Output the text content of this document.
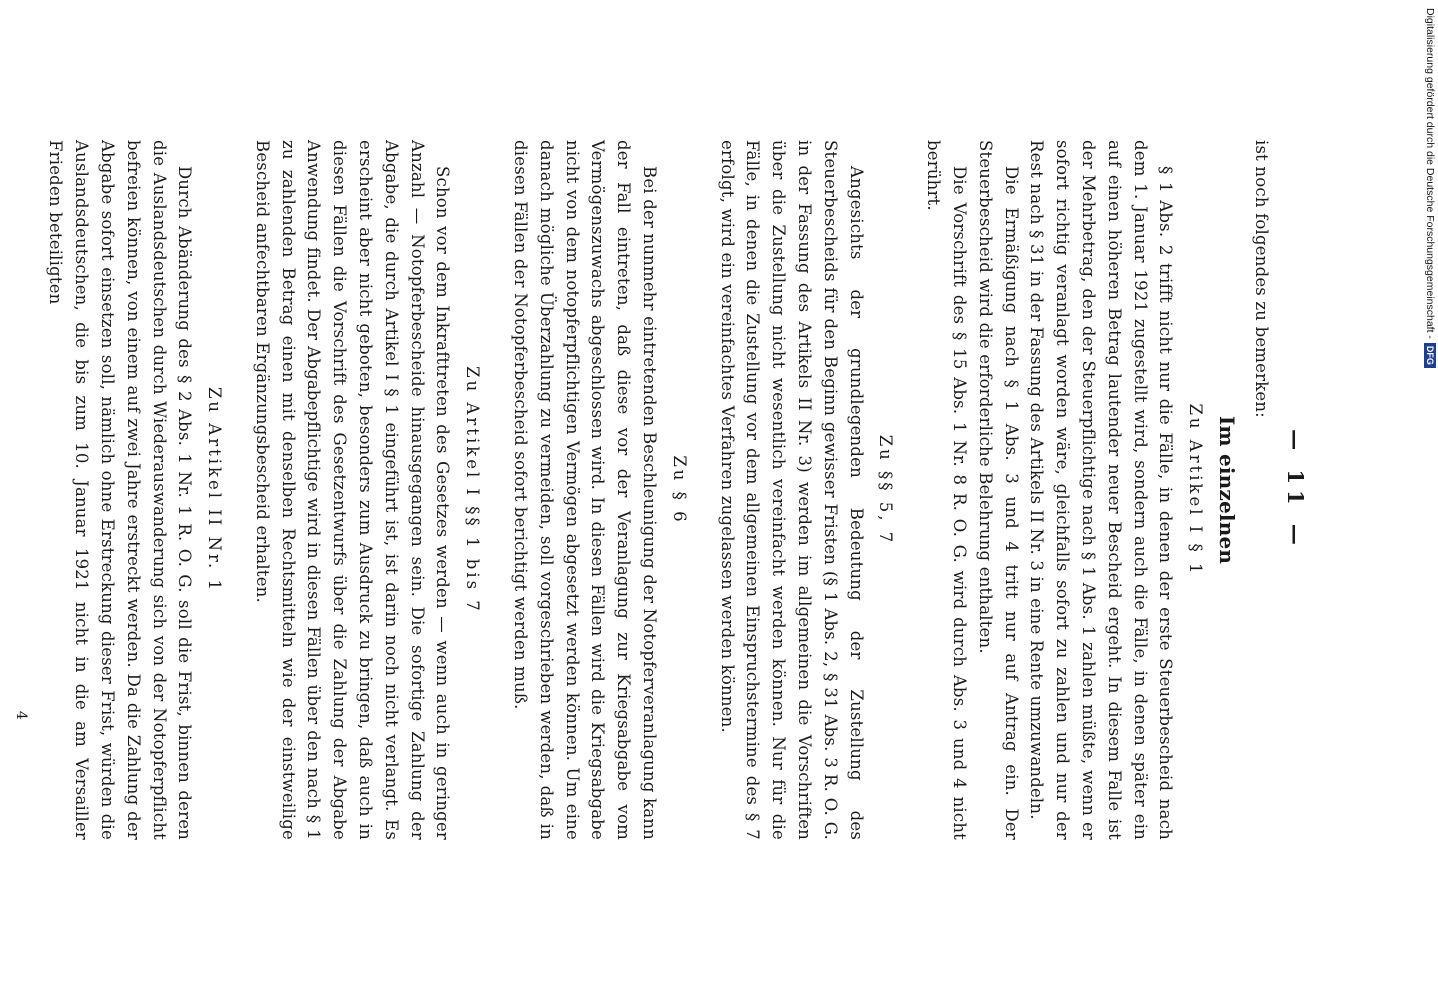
— 11 —

ist noch folgendes zu bemerken:

Im einzelnen
Zu Artikel I § 1

§ 1 Abs. 2 trifft nicht nur die Fälle, in denen der erste Steuerbescheid nach dem 1. Januar 1921 zugestellt wird, sondern auch die Fälle, in denen später ein auf einen höheren Betrag lautender neuer Bescheid ergeht. In diesem Falle ist der Mehrbetrag, den der Steuerpflichtige nach § 1 Abs. 1 zahlen müßte, wenn er sofort richtig veranlagt worden wäre, gleichfalls sofort zu zahlen und nur der Rest nach § 31 in der Fassung des Artikels II Nr. 3 in eine Rente umzuwandeln.

Die Ermäßigung nach § 1 Abs. 3 und 4 tritt nur auf Antrag ein. Der Steuerbescheid wird die erforderliche Belehrung enthalten.

Die Vorschrift des § 15 Abs. 1 Nr. 8 R. O. G. wird durch Abs. 3 und 4 nicht berührt.

Zu §§ 5, 7

Angesichts der grundlegenden Bedeutung der Zustellung des Steuerbescheids für den Beginn gewisser Fristen (§ 1 Abs. 2, § 31 Abs. 3 R. O. G. in der Fassung des Artikels II Nr. 3) werden im allgemeinen die Vorschriften über die Zustellung nicht wesentlich vereinfacht werden können. Nur für die Fälle, in denen die Zustellung vor dem allgemeinen Einspruchstermine des § 7 erfolgt, wird ein vereinfachtes Verfahren zugelassen werden können.

Zu § 6

Bei der nunmehr eintretenden Beschleunigung der Notopferveranlagung kann der Fall eintreten, daß diese vor der Veranlagung zur Kriegsabgabe vom Vermögenszuwachs abgeschlossen wird. In diesen Fällen wird die Kriegsabgabe nicht von dem notopferpflichtigen Vermögen abgesetzt werden können. Um eine danach mögliche Überzahlung zu vermeiden, soll vorgeschrieben werden, daß in diesen Fällen der Notopferbescheid sofort berichtigt werden muß.

Zu Artikel I §§ 1 bis 7

Schon vor dem Inkrafttreten des Gesetzes werden — wenn auch in geringer Anzahl — Notopferbescheide hinausgegangen sein. Die sofortige Zahlung der Abgabe, die durch Artikel I § 1 eingeführt ist, ist darin noch nicht verlangt. Es erscheint aber nicht geboten, besonders zum Ausdruck zu bringen, daß auch in diesen Fällen die Vorschrift des Gesetzentwurfs über die Zahlung der Abgabe Anwendung findet. Der Abgabepflichtige wird in diesen Fällen über den nach § 1 zu zahlenden Betrag einen mit denselben Rechtsmitteln wie der einstweilige Bescheid anfechtbaren Ergänzungsbescheid erhalten.

Zu Artikel II Nr. 1

Durch Abänderung des § 2 Abs. 1 Nr. 1 R. O. G. soll die Frist, binnen deren die Auslandsdeutschen durch Wiederauswanderung sich von der Notopferpflicht befreien können, von einem auf zwei Jahre erstreckt werden. Da die Zahlung der Abgabe sofort einsetzen soll, nämlich ohne Erstreckung dieser Frist, würden die Auslandsdeutschen, die bis zum 10. Januar 1921 nicht in die am Versailler Frieden beteiligten

4
Digitalisierung gefördert durch die Deutsche Forschungsgemeinschaft -
DFG
